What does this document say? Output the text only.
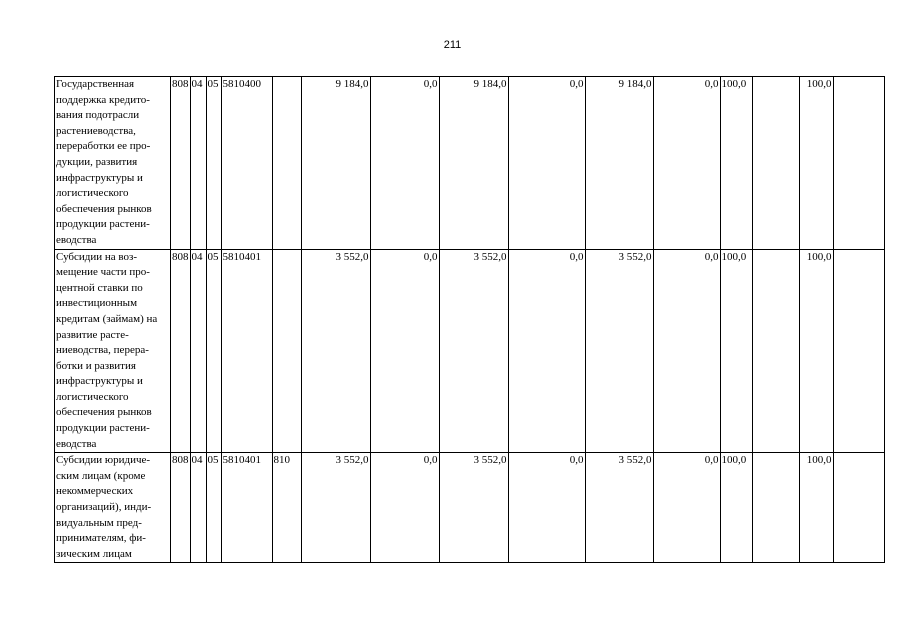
211
Государственная поддержка кредито-вания подотрасли растениеводства, переработки ее про-дукции, развития инфраструктуры и логистического обеспечения рынков продукции растени-еводства	808	04	05	5810400		9 184,0	0,0	9 184,0	0,0	9 184,0	0,0	100,0		100,0	
Субсидии на воз-мещение части про-центной ставки по инвестиционным кредитам (займам) на развитие расте-ниеводства, перера-ботки и развития инфраструктуры и логистического обеспечения рынков продукции растени-еводства	808	04	05	5810401		3 552,0	0,0	3 552,0	0,0	3 552,0	0,0	100,0		100,0	
Субсидии юридиче-ским лицам (кроме некоммерческих организаций), инди-видуальным пред-принимателям, фи-зическим лицам	808	04	05	5810401	810	3 552,0	0,0	3 552,0	0,0	3 552,0	0,0	100,0		100,0	
